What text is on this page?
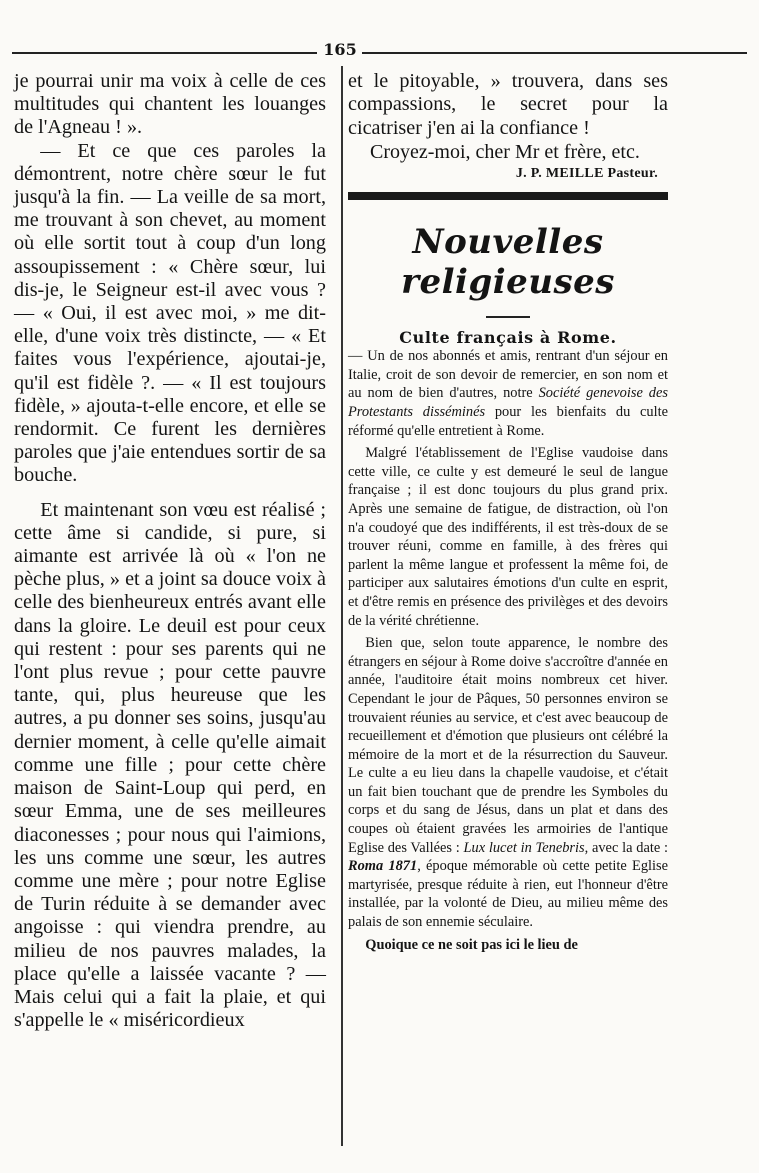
165

je pourrai unir ma voix à celle de ces multitudes qui chantent les louanges de l'Agneau ! ».

— Et ce que ces paroles la démontrent, notre chère sœur le fut jusqu'à la fin. — La veille de sa mort, me trouvant à son chevet, au moment où elle sortit tout à coup d'un long assoupissement : « Chère sœur, lui dis-je, le Seigneur est-il avec vous ? — « Oui, il est avec moi, » me dit-elle, d'une voix très distincte, — « Et faites vous l'expérience, ajoutai-je, qu'il est fidèle ?. — « Il est toujours fidèle, » ajouta-t-elle encore, et elle se rendormit. Ce furent les dernières paroles que j'aie entendues sortir de sa bouche.

Et maintenant son vœu est réalisé ; cette âme si candide, si pure, si aimante est arrivée là où « l'on ne pèche plus, » et a joint sa douce voix à celle des bienheureux entrés avant elle dans la gloire. Le deuil est pour ceux qui restent : pour ses parents qui ne l'ont plus revue ; pour cette pauvre tante, qui, plus heureuse que les autres, a pu donner ses soins, jusqu'au dernier moment, à celle qu'elle aimait comme une fille ; pour cette chère maison de Saint-Loup qui perd, en sœur Emma, une de ses meilleures diaconesses ; pour nous qui l'aimions, les uns comme une sœur, les autres comme une mère ; pour notre Eglise de Turin réduite à se demander avec angoisse : qui viendra prendre, au milieu de nos pauvres malades, la place qu'elle a laissée vacante ? — Mais celui qui a fait la plaie, et qui s'appelle le « miséricordieux

et le pitoyable, » trouvera, dans ses compassions, le secret pour la cicatriser j'en ai la confiance !

Croyez-moi, cher Mr et frère, etc.

J. P. MEILLE Pasteur.

Nouvelles religieuses
Culte français à Rome.

— Un de nos abonnés et amis, rentrant d'un séjour en Italie, croit de son devoir de remercier, en son nom et au nom de bien d'autres, notre Société genevoise des Protestants disséminés pour les bienfaits du culte réformé qu'elle entretient à Rome.

Malgré l'établissement de l'Eglise vaudoise dans cette ville, ce culte y est demeuré le seul de langue française ; il est donc toujours du plus grand prix. Après une semaine de fatigue, de distraction, où l'on n'a coudoyé que des indifférents, il est très-doux de se trouver réuni, comme en famille, à des frères qui parlent la même langue et professent la même foi, de participer aux salutaires émotions d'un culte en esprit, et d'être remis en présence des privilèges et des devoirs de la vérité chrétienne.

Bien que, selon toute apparence, le nombre des étrangers en séjour à Rome doive s'accroître d'année en année, l'auditoire était moins nombreux cet hiver. Cependant le jour de Pâques, 50 personnes environ se trouvaient réunies au service, et c'est avec beaucoup de recueillement et d'émotion que plusieurs ont célébré la mémoire de la mort et de la résurrection du Sauveur. Le culte a eu lieu dans la chapelle vaudoise, et c'était un fait bien touchant que de prendre les Symboles du corps et du sang de Jésus, dans un plat et dans des coupes où étaient gravées les armoiries de l'antique Eglise des Vallées : Lux lucet in Tenebris, avec la date : Roma 1871, époque mémorable où cette petite Eglise martyrisée, presque réduite à rien, eut l'honneur d'être installée, par la volonté de Dieu, au milieu même des palais de son ennemie séculaire.

Quoique ce ne soit pas ici le lieu de
